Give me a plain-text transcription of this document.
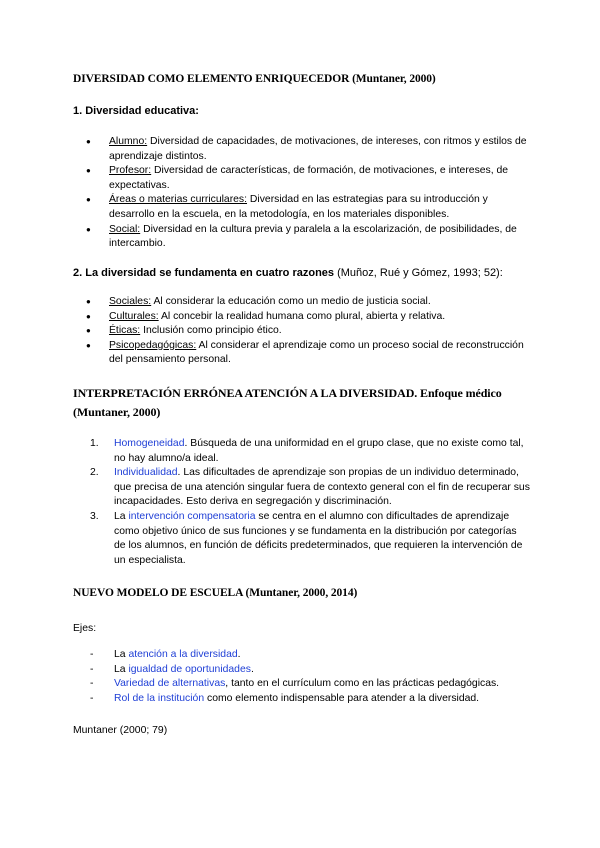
DIVERSIDAD COMO ELEMENTO ENRIQUECEDOR (Muntaner, 2000)
1. Diversidad educativa:
● Alumno: Diversidad de capacidades, de motivaciones, de intereses, con ritmos y estilos de aprendizaje distintos.
● Profesor: Diversidad de características, de formación, de motivaciones, e intereses, de expectativas.
● Áreas o materias curriculares: Diversidad en las estrategias para su introducción y desarrollo en la escuela, en la metodología, en los materiales disponibles.
● Social: Diversidad en la cultura previa y paralela a la escolarización, de posibilidades, de intercambio.
2. La diversidad se fundamenta en cuatro razones (Muñoz, Rué y Gómez, 1993; 52):
● Sociales: Al considerar la educación como un medio de justicia social.
● Culturales: Al concebir la realidad humana como plural, abierta y relativa.
● Éticas: Inclusión como principio ético.
● Psicopedagógicas: Al considerar el aprendizaje como un proceso social de reconstrucción del pensamiento personal.
INTERPRETACIÓN ERRÓNEA ATENCIÓN A LA DIVERSIDAD. Enfoque médico (Muntaner, 2000)
1. Homogeneidad. Búsqueda de una uniformidad en el grupo clase, que no existe como tal, no hay alumno/a ideal.
2. Individualidad. Las dificultades de aprendizaje son propias de un individuo determinado, que precisa de una atención singular fuera de contexto general con el fin de recuperar sus incapacidades. Esto deriva en segregación y discriminación.
3. La intervención compensatoria se centra en el alumno con dificultades de aprendizaje como objetivo único de sus funciones y se fundamenta en la distribución por categorías de los alumnos, en función de déficits predeterminados, que requieren la intervención de un especialista.
NUEVO MODELO DE ESCUELA (Muntaner, 2000, 2014)
Ejes:
- La atención a la diversidad.
- La igualdad de oportunidades.
- Variedad de alternativas, tanto en el currículum como en las prácticas pedagógicas.
- Rol de la institución como elemento indispensable para atender a la diversidad.
Muntaner (2000; 79)
